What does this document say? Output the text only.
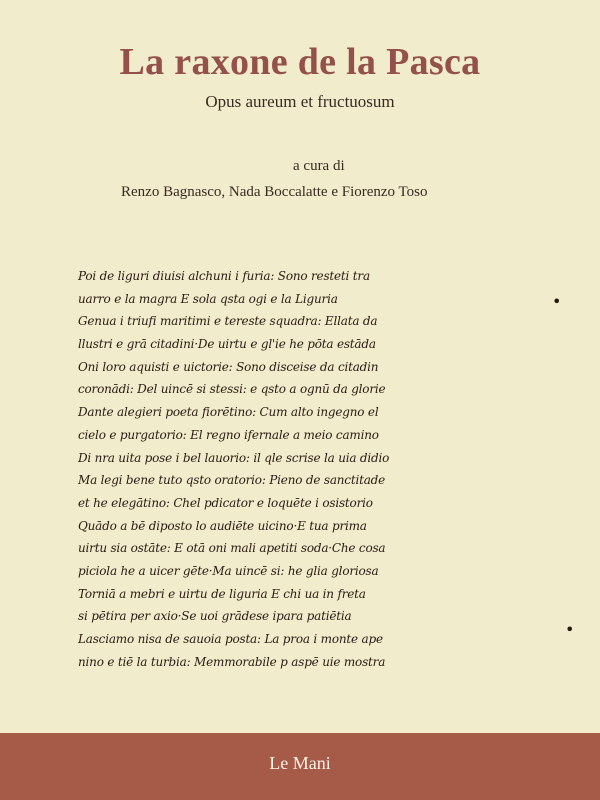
La raxone de la Pasca
Opus aureum et fructuosum
a cura di
Renzo Bagnasco, Nada Boccalatte e Fiorenzo Toso
Poi de liguri diuisi alchuni i furia: Sono resteti tra
uarro e la magra E sola qsta ogi e la Liguria
Genua i triufi maritimi e tereste squadra: Ellata da
llustri e grā citadini·De uirtu e gl'ie he pōta estāda
Oni loro aquisti e uictorie: Sono disceise da citadin
coronādi: Del uincē si stessi: e qsto a ognū da glorie
Dante alegieri poeta fiorētino: Cum alto ingegno el
cielo e purgatorio: El regno ifernale a meio camino
Di nra uita pose i bel lauorio: il qle scrise la uia didio
Ma legi bene tuto qsto oratorio: Pieno de sanctitade
et he elegātino: Chel pdicator e loquēte i osistorio
Quādo a bē diposto lo audiēte uicino·E tua prima
uirtu sia ostāte: E otā oni mali apetiti soda·Che cosa
piciola he a uicer gēte·Ma uincē si: he glia gloriosa
Torniā a mebri e uirtu de liguria E chi ua in freta
si pētira per axio·Se uoi grādese ipara patiētia
Lasciamo nisa de sauoia posta: La proa i monte ape
nino e tiē la turbia: Memmorabile p aspē uie mostra
•
•
Le Mani
